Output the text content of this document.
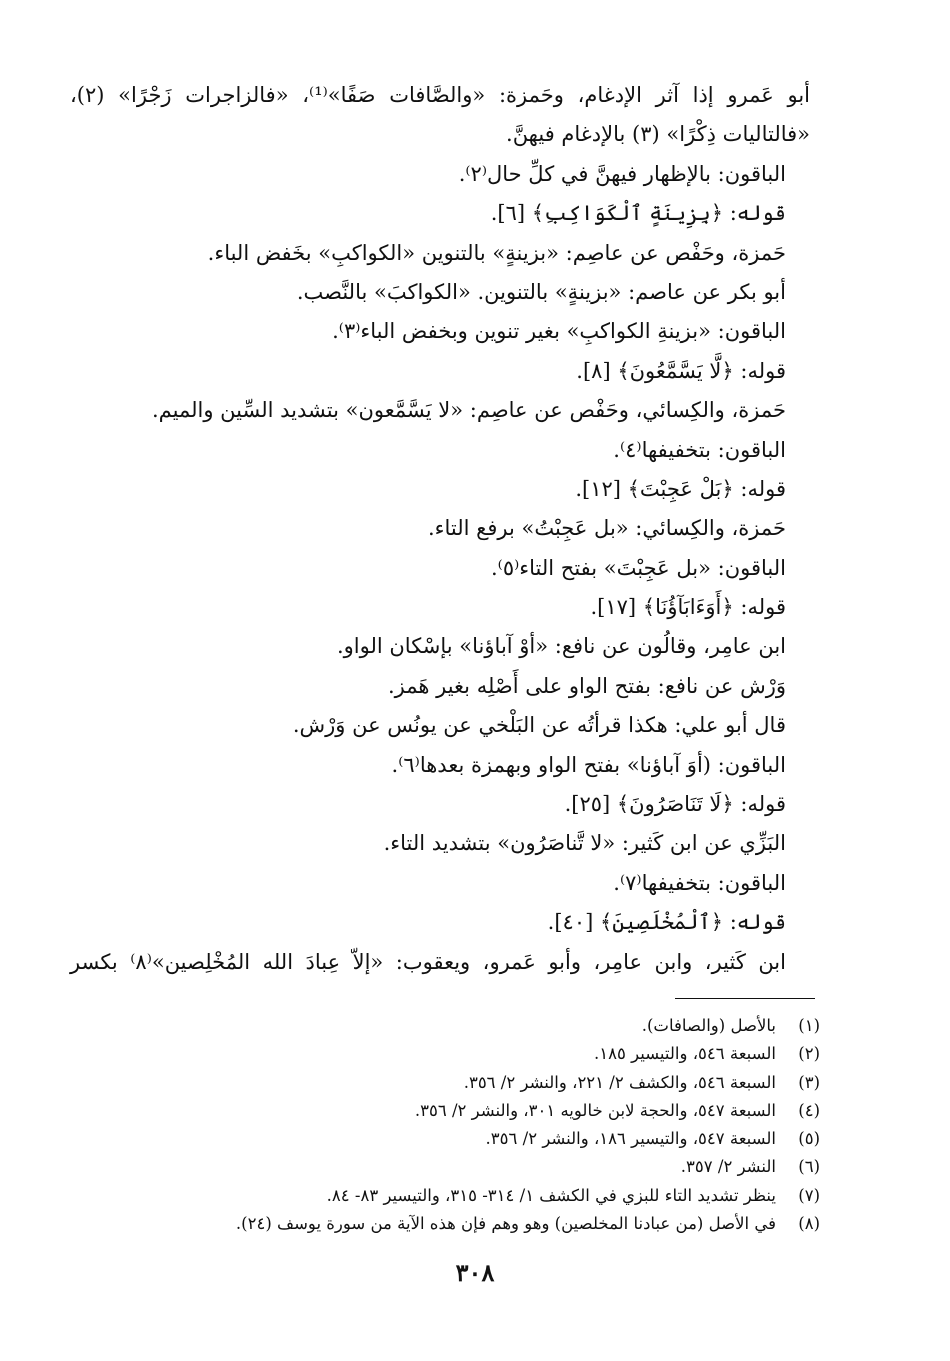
أبو عَمرو إذا آثر الإدغام، وحَمزة: «والصَّافات صَفًا»⁽¹⁾، «فالزاجرات زَجْرًا» (٢)،
«فالتاليات ذِكْرًا» (٣) بالإدغام فيهنَّ.
الباقون: بالإظهار فيهنَّ في كلِّ حال⁽٢⁾.
قوله: ﴿بِزِينَةٍ ٱلْكَوَاكِبِ﴾ [٦].
حَمزة، وحَفْص عن عاصِم: «بزينةٍ» بالتنوين «الكواكبِ» بخَفض الباء.
أبو بكر عن عاصم: «بزينةٍ» بالتنوين. «الكواكبَ» بالنَّصب.
الباقون: «بزينةِ الكواكبِ» بغير تنوين وبخفض الباء⁽٣⁾.
قوله: ﴿لَّا يَسَّمَّعُونَ﴾ [٨].
حَمزة، والكِسائي، وحَفْص عن عاصِم: «لا يَسَّمَّعون» بتشديد السِّين والميم.
الباقون: بتخفيفها⁽٤⁾.
قوله: ﴿بَلْ عَجِبْتَ﴾ [١٢].
حَمزة، والكِسائي: «بل عَجِبْتُ» برفع التاء.
الباقون: «بل عَجِبْتَ» بفتح التاء⁽٥⁾.
قوله: ﴿أَوَءَابَآؤُنَا﴾ [١٧].
ابن عامِر، وقالُون عن نافع: «أوْ آباؤنا» بإسْكان الواو.
وَرْش عن نافع: بفتح الواو على أَصْلِه بغير هَمز.
قال أبو علي: هكذا قرأتُه عن البَلْخي عن يونُس عن وَرْش.
الباقون: (أوَ آباؤنا» بفتح الواو وبهمزة بعدها⁽٦⁾.
قوله: ﴿لَا تَنَاصَرُونَ﴾ [٢٥].
البَزِّي عن ابن كَثير: «لا تَّناصَرُون» بتشديد التاء.
الباقون: بتخفيفها⁽٧⁾.
قوله: ﴿ٱلْمُخْلَصِينَ﴾ [٤٠].
ابن كَثير، وابن عامِر، وأبو عَمرو، ويعقوب: «إلاّ عِبادَ الله المُخْلِصين»⁽٨⁾ بكسر
(١)
بالأصل (والصافات).
(٢)
السبعة ٥٤٦، والتيسير ١٨٥.
(٣)
السبعة ٥٤٦، والكشف ٢/ ٢٢١، والنشر ٢/ ٣٥٦.
(٤)
السبعة ٥٤٧، والحجة لابن خالويه ٣٠١، والنشر ٢/ ٣٥٦.
(٥)
السبعة ٥٤٧، والتيسير ١٨٦، والنشر ٢/ ٣٥٦.
(٦)
النشر ٢/ ٣٥٧.
(٧)
ينظر تشديد التاء للبزي في الكشف ١/ ٣١٤- ٣١٥، والتيسير ٨٣- ٨٤.
(٨)
في الأصل (من عبادنا المخلصين) وهو وهم فإن هذه الآية من سورة يوسف (٢٤).
٣٠٨
